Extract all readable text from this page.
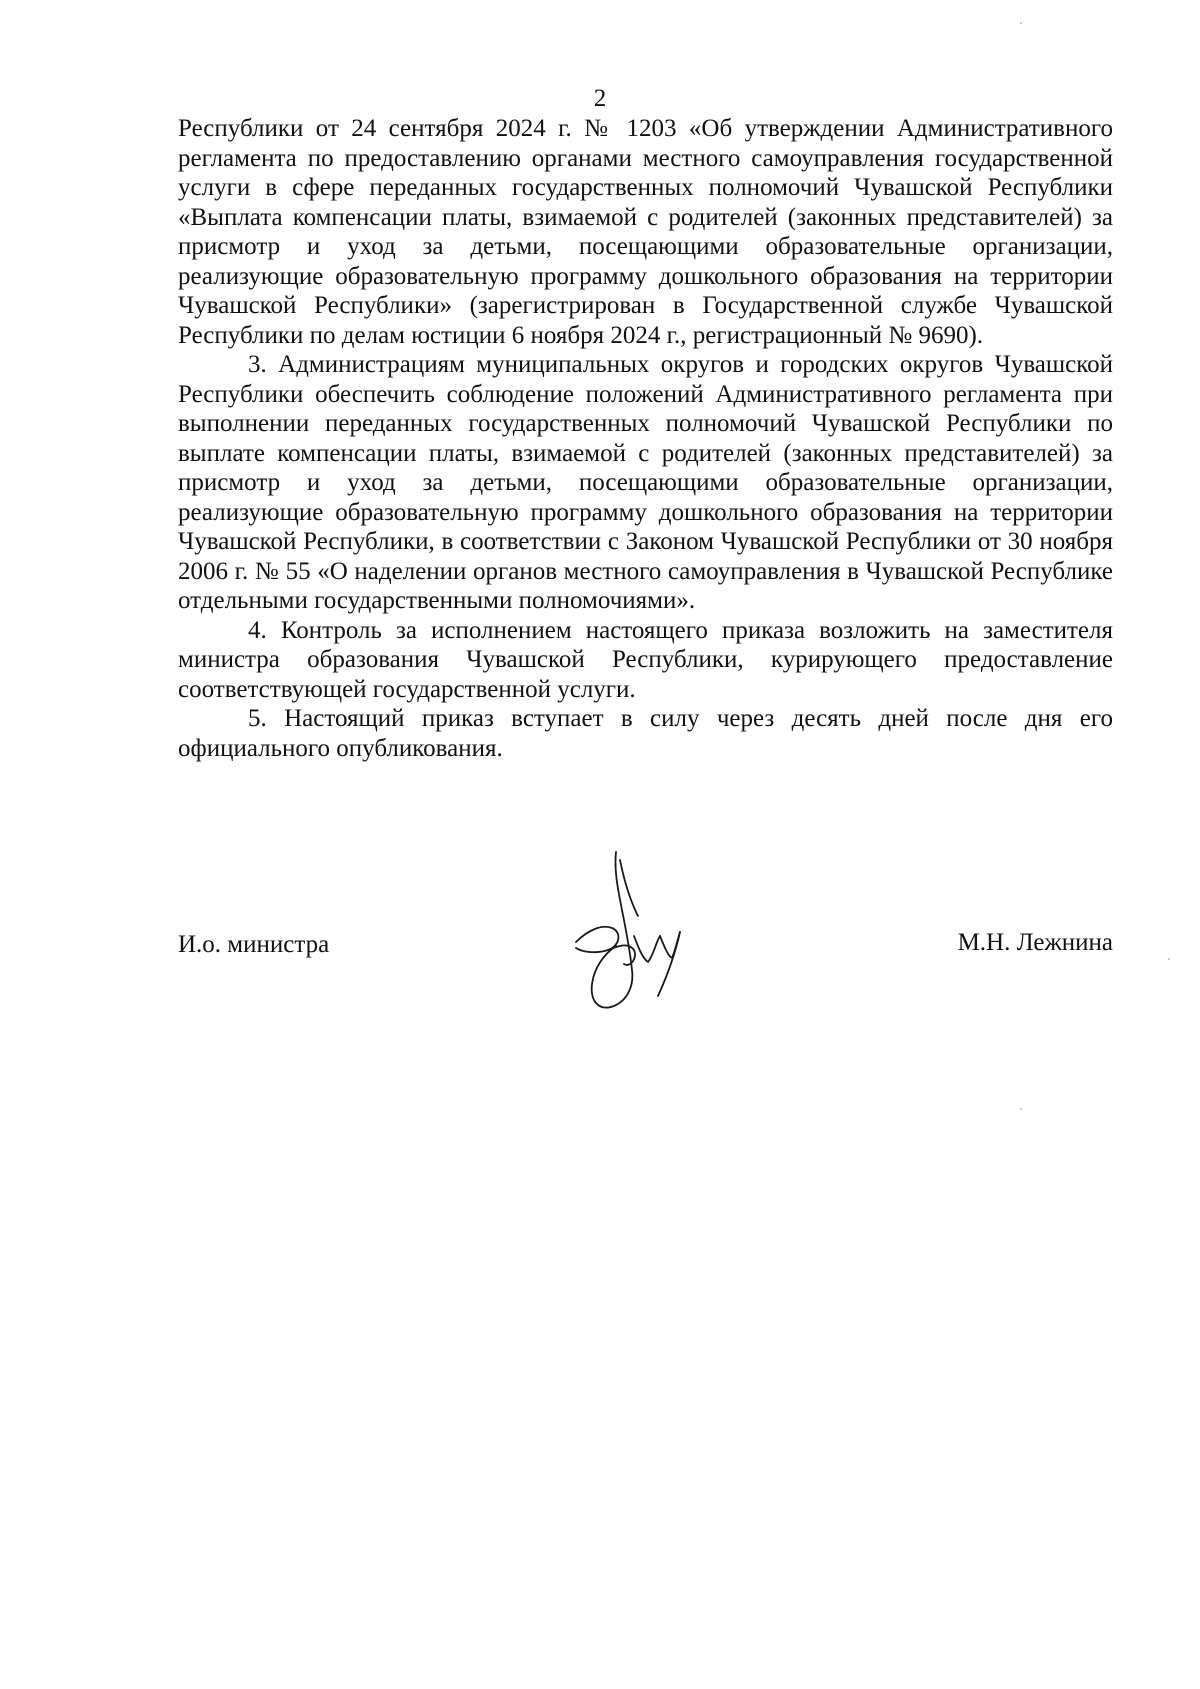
2

Республики от 24 сентября 2024 г. № 1203 «Об утверждении Административного регламента по предоставлению органами местного самоуправления государственной услуги в сфере переданных государственных полномочий Чувашской Республики «Выплата компенсации платы, взимаемой с родителей (законных представителей) за присмотр и уход за детьми, посещающими образовательные организации, реализующие образовательную программу дошкольного образования на территории Чувашской Республики» (зарегистрирован в Государственной службе Чувашской Республики по делам юстиции 6 ноября 2024 г., регистрационный № 9690).

3. Администрациям муниципальных округов и городских округов Чувашской Республики обеспечить соблюдение положений Административного регламента при выполнении переданных государственных полномочий Чувашской Республики по выплате компенсации платы, взимаемой с родителей (законных представителей) за присмотр и уход за детьми, посещающими образовательные организации, реализующие образовательную программу дошкольного образования на территории Чувашской Республики, в соответствии с Законом Чувашской Республики от 30 ноября 2006 г. № 55 «О наделении органов местного самоуправления в Чувашской Республике отдельными государственными полномочиями».

4. Контроль за исполнением настоящего приказа возложить на заместителя министра образования Чувашской Республики, курирующего предоставление соответствующей государственной услуги.

5. Настоящий приказ вступает в силу через десять дней после дня его официального опубликования.

И.о. министра	М.Н. Лежнина
